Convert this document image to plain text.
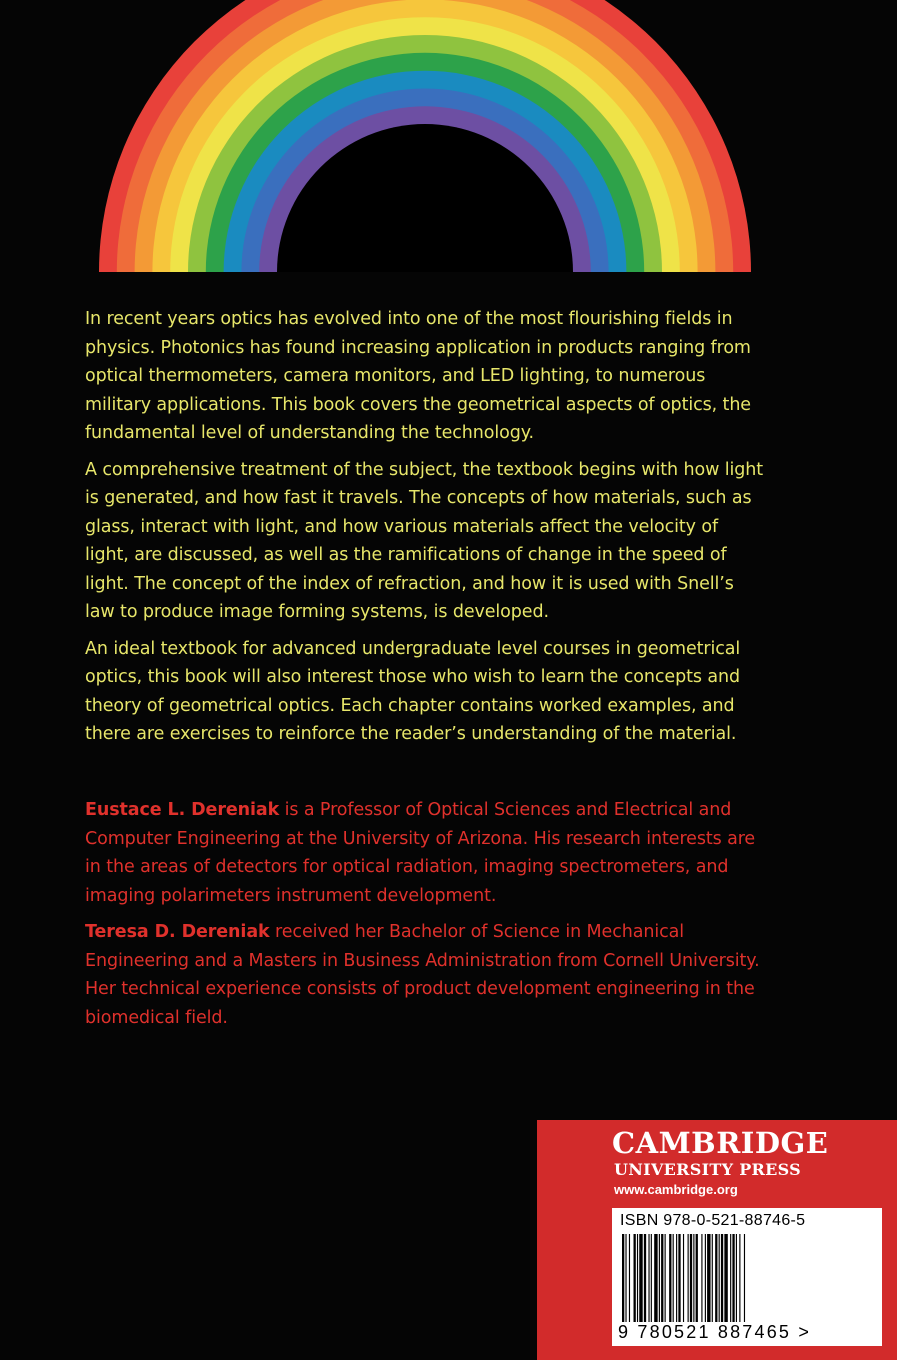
In recent years optics has evolved into one of the most flourishing fields in physics. Photonics has found increasing application in products ranging from optical thermometers, camera monitors, and LED lighting, to numerous military applications. This book covers the geometrical aspects of optics, the fundamental level of understanding the technology.

A comprehensive treatment of the subject, the textbook begins with how light is generated, and how fast it travels. The concepts of how materials, such as glass, interact with light, and how various materials affect the velocity of light, are discussed, as well as the ramifications of change in the speed of light. The concept of the index of refraction, and how it is used with Snell’s law to produce image forming systems, is developed.

An ideal textbook for advanced undergraduate level courses in geometrical optics, this book will also interest those who wish to learn the concepts and theory of geometrical optics. Each chapter contains worked examples, and there are exercises to reinforce the reader’s understanding of the material.

Eustace L. Dereniak is a Professor of Optical Sciences and Electrical and Computer Engineering at the University of Arizona. His research interests are in the areas of detectors for optical radiation, imaging spectrometers, and imaging polarimeters instrument development.

Teresa D. Dereniak received her Bachelor of Science in Mechanical Engineering and a Masters in Business Administration from Cornell University. Her technical experience consists of product development engineering in the biomedical field.

CAMBRIDGE
UNIVERSITY PRESS
www.cambridge.org
ISBN 978-0-521-88746-5
9 780521 887465 >
